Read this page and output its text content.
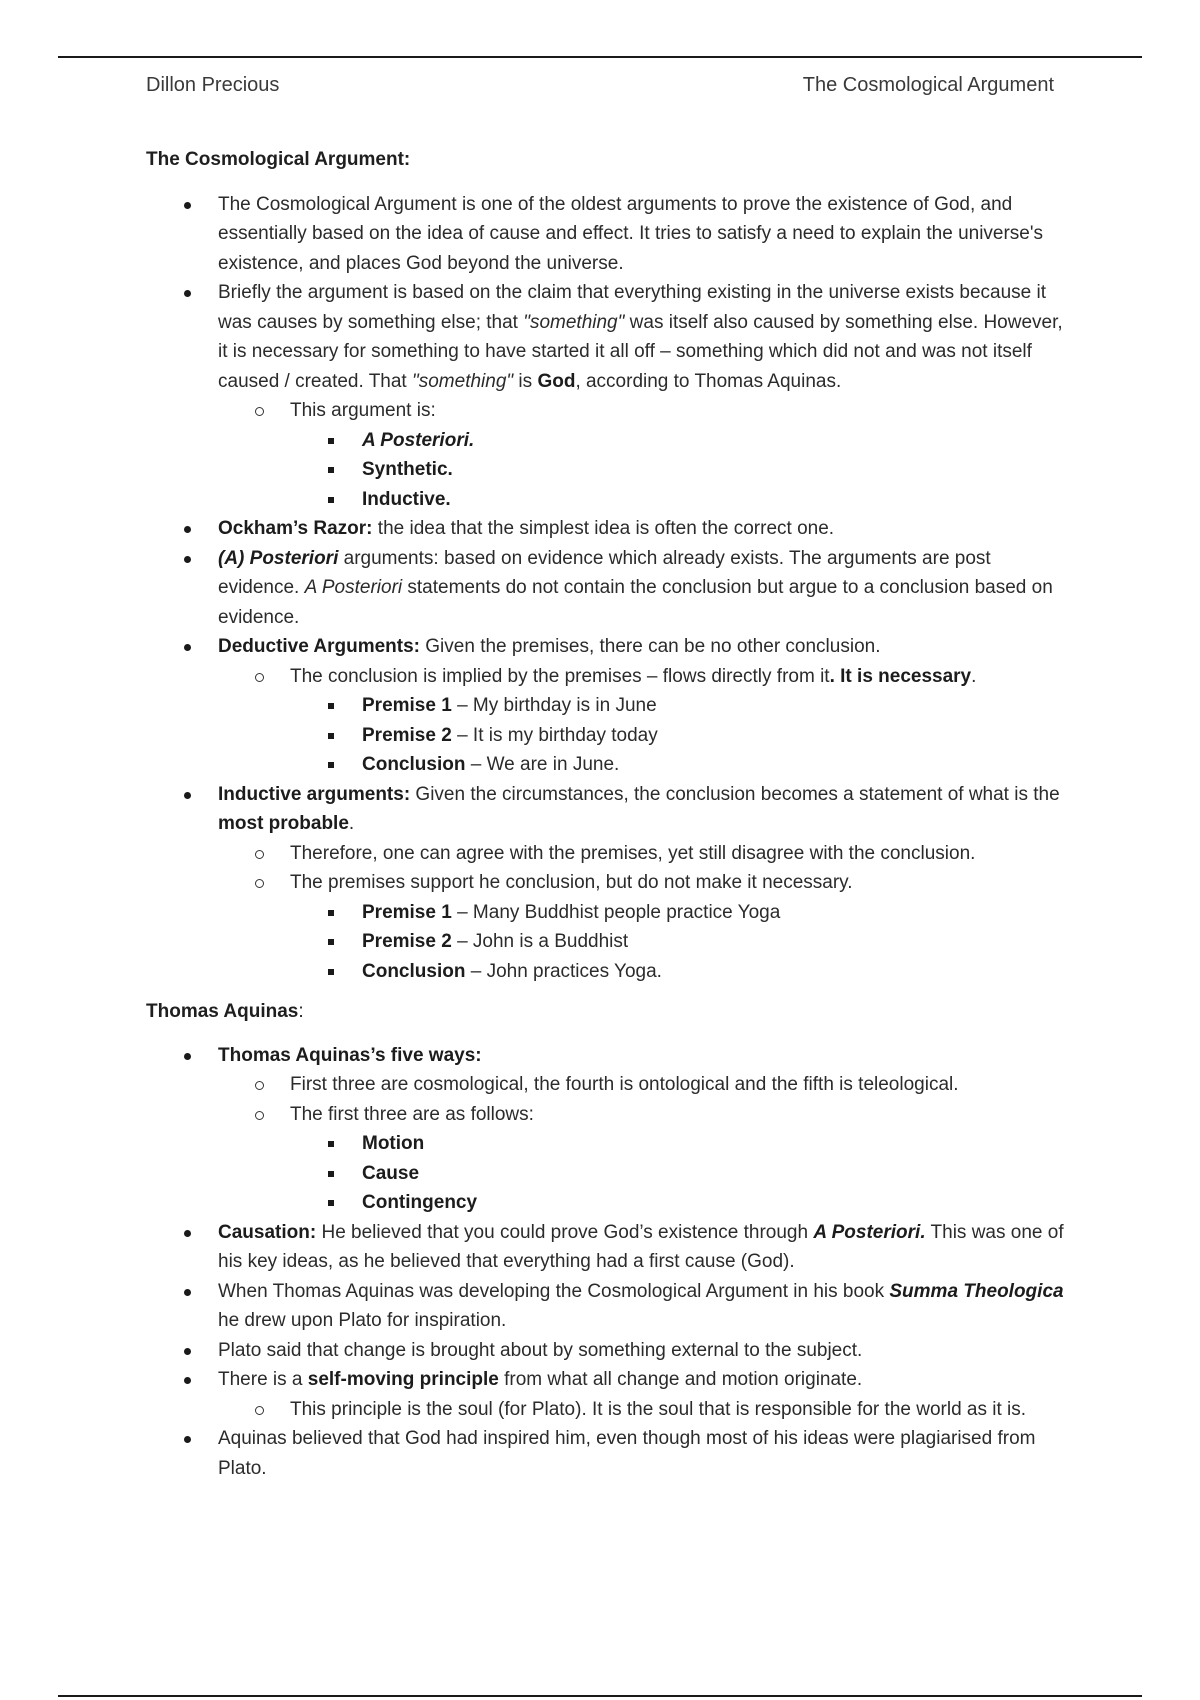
Dillon Precious	The Cosmological Argument

The Cosmological Argument:

The Cosmological Argument is one of the oldest arguments to prove the existence of God, and essentially based on the idea of cause and effect. It tries to satisfy a need to explain the universe's existence, and places God beyond the universe.
Briefly the argument is based on the claim that everything existing in the universe exists because it was causes by something else; that "something" was itself also caused by something else. However, it is necessary for something to have started it all off – something which did not and was not itself caused / created. That "something" is God, according to Thomas Aquinas.
This argument is:
A Posteriori.
Synthetic.
Inductive.
Ockham’s Razor: the idea that the simplest idea is often the correct one.
(A) Posteriori arguments: based on evidence which already exists. The arguments are post evidence. A Posteriori statements do not contain the conclusion but argue to a conclusion based on evidence.
Deductive Arguments: Given the premises, there can be no other conclusion.
The conclusion is implied by the premises – flows directly from it. It is necessary.
Premise 1 – My birthday is in June
Premise 2 – It is my birthday today
Conclusion – We are in June.
Inductive arguments: Given the circumstances, the conclusion becomes a statement of what is the most probable.
Therefore, one can agree with the premises, yet still disagree with the conclusion.
The premises support he conclusion, but do not make it necessary.
Premise 1 – Many Buddhist people practice Yoga
Premise 2 – John is a Buddhist
Conclusion – John practices Yoga.

Thomas Aquinas:

Thomas Aquinas’s five ways:
First three are cosmological, the fourth is ontological and the fifth is teleological.
The first three are as follows:
Motion
Cause
Contingency
Causation: He believed that you could prove God’s existence through A Posteriori. This was one of his key ideas, as he believed that everything had a first cause (God).
When Thomas Aquinas was developing the Cosmological Argument in his book Summa Theologica he drew upon Plato for inspiration.
Plato said that change is brought about by something external to the subject.
There is a self-moving principle from what all change and motion originate.
This principle is the soul (for Plato). It is the soul that is responsible for the world as it is.
Aquinas believed that God had inspired him, even though most of his ideas were plagiarised from Plato.
